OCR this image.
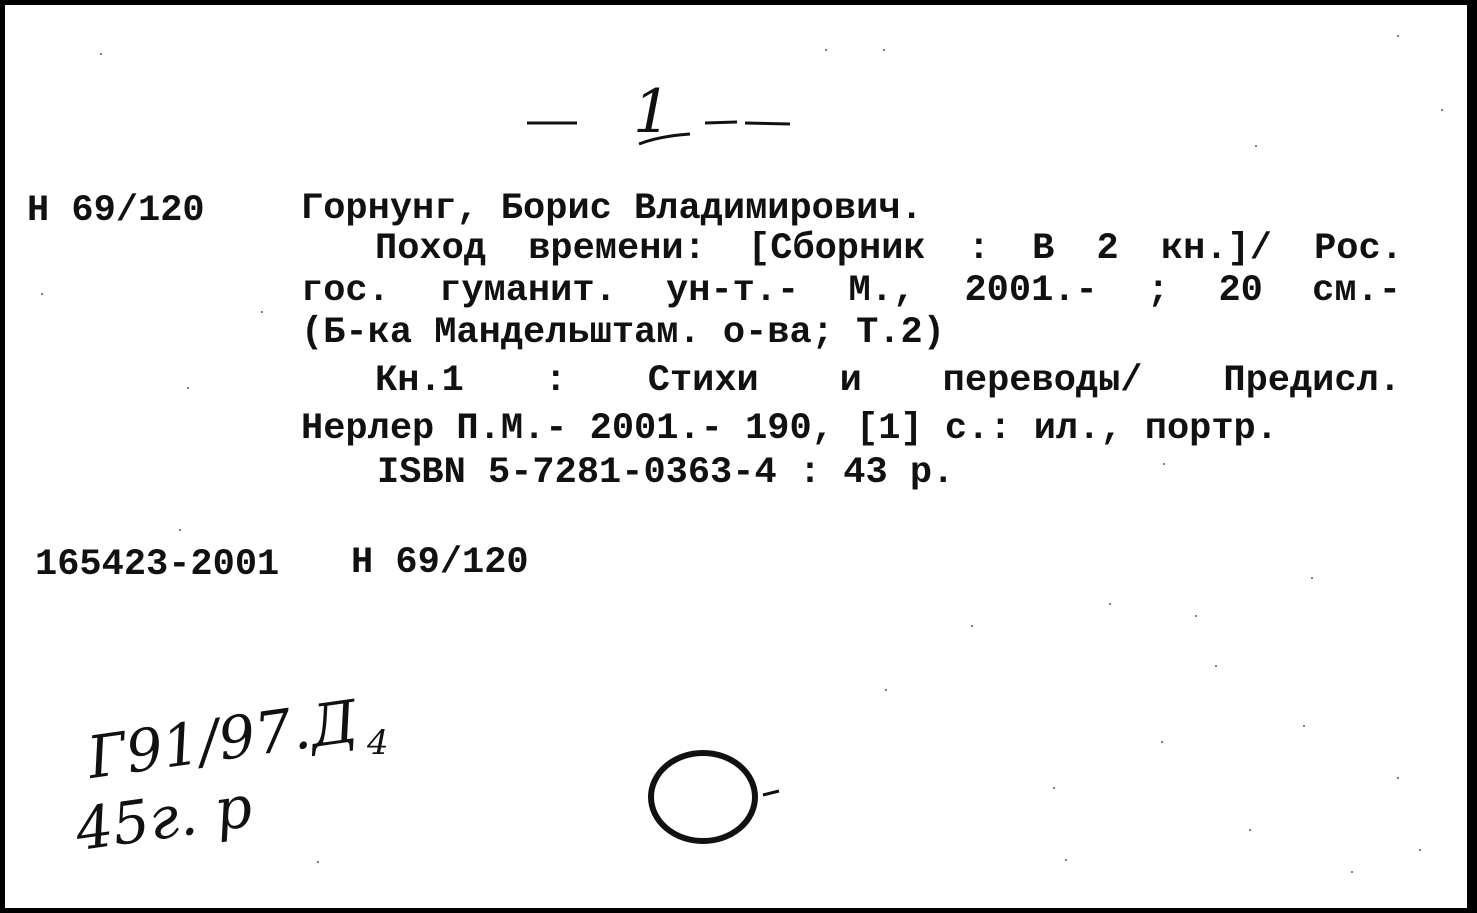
1
Н 69/120	Горнунг, Борис Владимирович.
Поход времени: [Сборник : В 2 кн.]/ Рос.
гос. гуманит. ун-т.- М., 2001.- ; 20 см.-
(Б-ка Мандельштам. о-ва; Т.2)
Кн.1 : Стихи и переводы/ Предисл.
Нерлер П.М.- 2001.- 190, [1] с.: ил., портр.
ISBN 5-7281-0363-4 : 43 р.
165423-2001 Н 69/120
Г91/97.Д 4
45г. р
